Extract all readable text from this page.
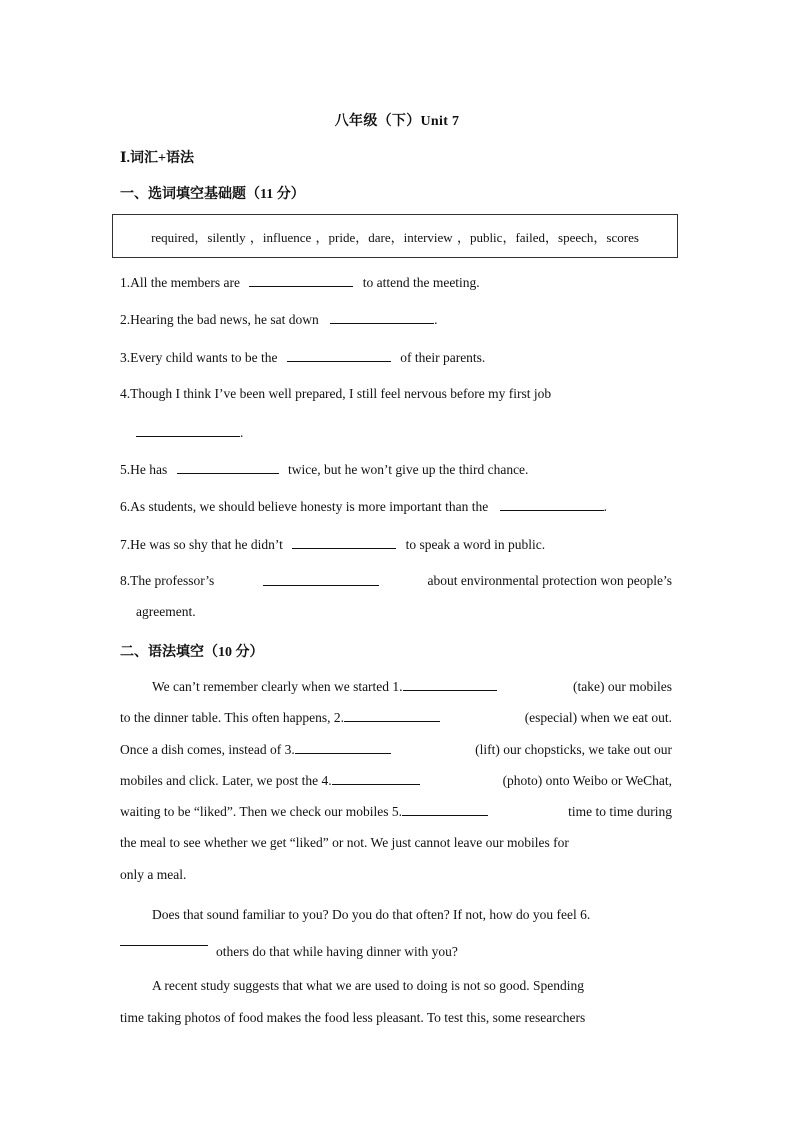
八年级（下）Unit 7
Ⅰ.词汇+语法
一、选词填空基础题（11 分）
required，silently ，influence ，pride，dare，interview ，public，failed，speech，scores
1.All the members are	to attend the meeting.
2.Hearing the bad news, he sat down	.
3.Every child wants to be the	of their parents.
4.Though I think I’ve been well prepared, I still feel nervous before my first job
.
5.He has	twice, but he won’t give up the third chance.
6.As students, we should believe honesty is more important than the	.
7.He was so shy that he didn’t	to speak a word in public.
8.The professor’s	about environmental protection won people’s
agreement.
二、语法填空（10 分）
We can’t remember clearly when we started 1.	(take) our mobiles
to the dinner table. This often happens, 2.	(especial) when we eat out.
Once a dish comes, instead of 3.	(lift) our chopsticks, we take out our
mobiles and click. Later, we post the 4.	(photo) onto Weibo or WeChat,
waiting to be “liked”. Then we check our mobiles 5.	time to time during
the meal to see whether we get “liked” or not. We just cannot leave our mobiles for
only a meal.
Does that sound familiar to you? Do you do that often? If not, how do you feel 6.
others do that while having dinner with you?
A recent study suggests that what we are used to doing is not so good. Spending
time taking photos of food makes the food less pleasant. To test this, some researchers
